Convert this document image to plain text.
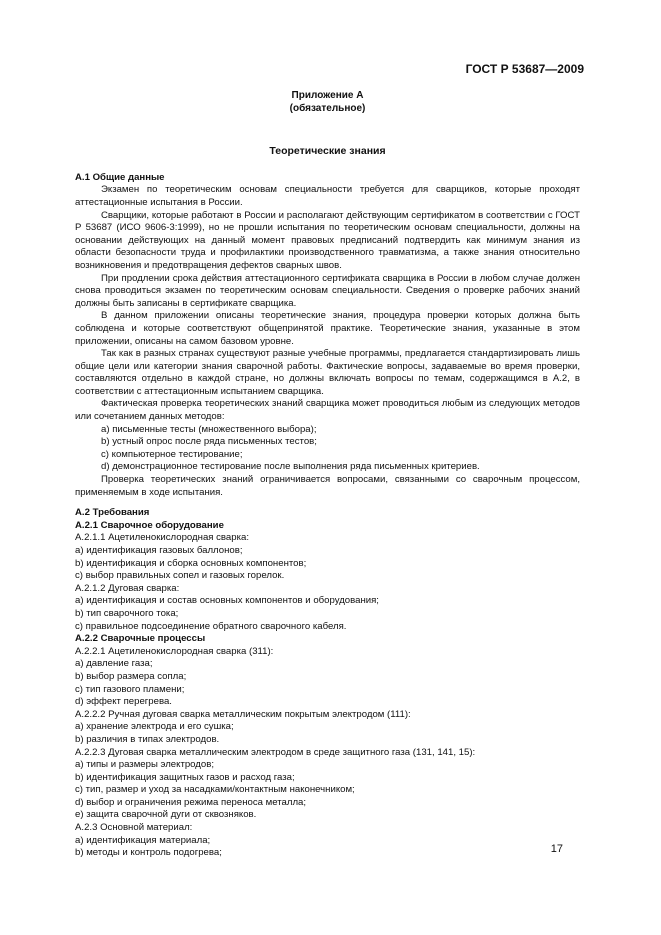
ГОСТ Р 53687—2009
Приложение А
(обязательное)
Теоретические знания
А.1 Общие данные

Экзамен по теоретическим основам специальности требуется для сварщиков, которые проходят аттестационные испытания в России.

Сварщики, которые работают в России и располагают действующим сертификатом в соответствии с ГОСТ Р 53687 (ИСО 9606-3:1999), но не прошли испытания по теоретическим основам специальности, должны на основании действующих на данный момент правовых предписаний подтвердить как минимум знания из области безопасности труда и профилактики производственного травматизма, а также знания относительно возникновения и предотвращения дефектов сварных швов.

При продлении срока действия аттестационного сертификата сварщика в России в любом случае должен снова проводиться экзамен по теоретическим основам специальности. Сведения о проверке рабочих знаний должны быть записаны в сертификате сварщика.

В данном приложении описаны теоретические знания, процедура проверки которых должна быть соблюдена и которые соответствуют общепринятой практике. Теоретические знания, указанные в этом приложении, описаны на самом базовом уровне.

Так как в разных странах существуют разные учебные программы, предлагается стандартизировать лишь общие цели или категории знания сварочной работы. Фактические вопросы, задаваемые во время проверки, составляются отдельно в каждой стране, но должны включать вопросы по темам, содержащимся в А.2, в соответствии с аттестационным испытанием сварщика.

Фактическая проверка теоретических знаний сварщика может проводиться любым из следующих методов или сочетанием данных методов:

а) письменные тесты (множественного выбора);

b) устный опрос после ряда письменных тестов;

c) компьютерное тестирование;

d) демонстрационное тестирование после выполнения ряда письменных критериев.

Проверка теоретических знаний ограничивается вопросами, связанными со сварочным процессом, применяемым в ходе испытания.

А.2 Требования
А.2.1 Сварочное оборудование

А.2.1.1 Ацетиленокислородная сварка:

а) идентификация газовых баллонов;

b) идентификация и сборка основных компонентов;

c) выбор правильных сопел и газовых горелок.

А.2.1.2 Дуговая сварка:

а) идентификация и состав основных компонентов и оборудования;

b) тип сварочного тока;

c) правильное подсоединение обратного сварочного кабеля.

А.2.2 Сварочные процессы

А.2.2.1 Ацетиленокислородная сварка (311):

а) давление газа;

b) выбор размера сопла;

c) тип газового пламени;

d) эффект перегрева.

А.2.2.2 Ручная дуговая сварка металлическим покрытым электродом (111):

а) хранение электрода и его сушка;

b) различия в типах электродов.

А.2.2.3 Дуговая сварка металлическим электродом в среде защитного газа (131, 141, 15):

а) типы и размеры электродов;

b) идентификация защитных газов и расход газа;

c) тип, размер и уход за насадками/контактным наконечником;

d) выбор и ограничения режима переноса металла;

e) защита сварочной дуги от сквозняков.

А.2.3 Основной материал:

а) идентификация материала;

b) методы и контроль подогрева;	17
